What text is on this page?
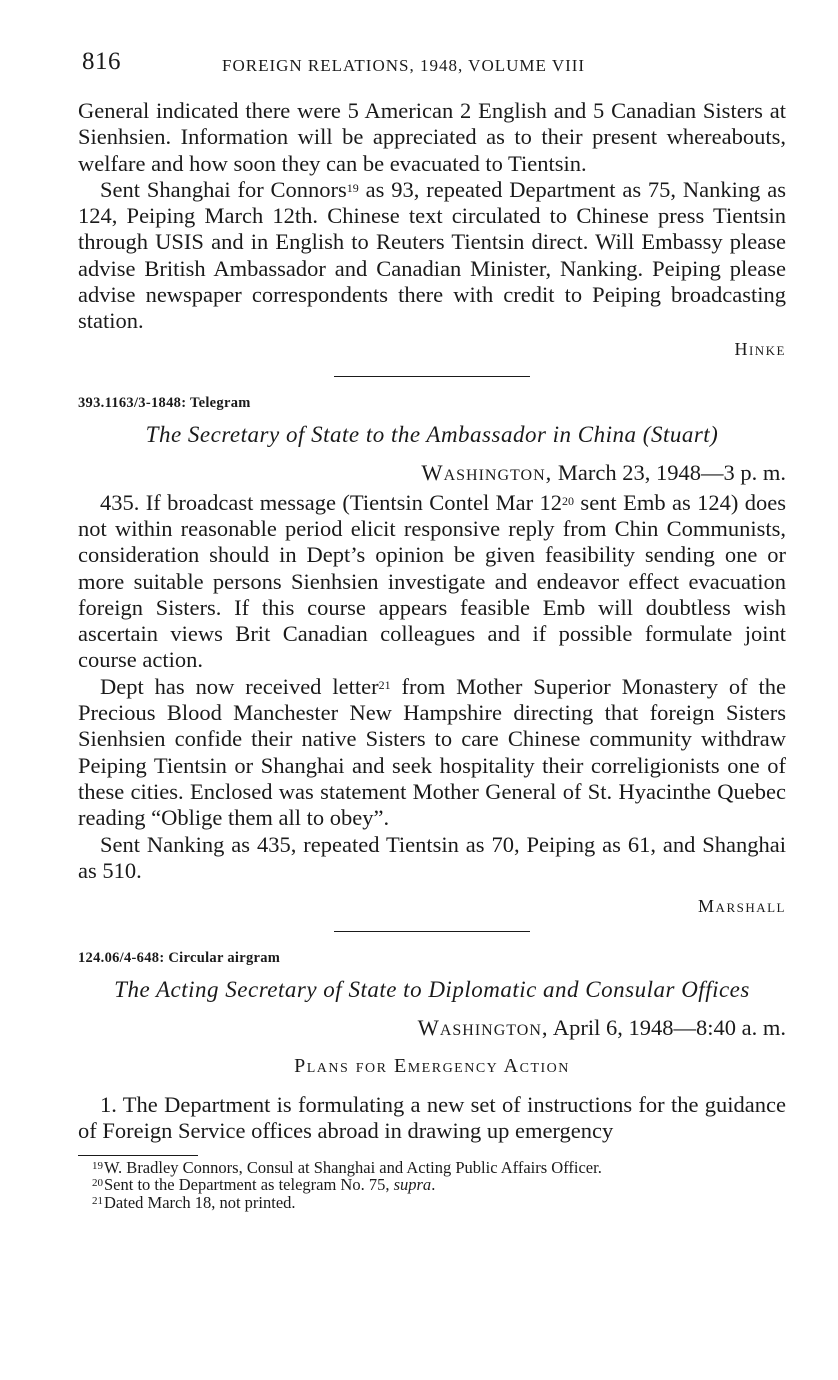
816	FOREIGN RELATIONS, 1948, VOLUME VIII

General indicated there were 5 American 2 English and 5 Canadian Sisters at Sienhsien. Information will be appreciated as to their present whereabouts, welfare and how soon they can be evacuated to Tientsin.

Sent Shanghai for Connors$^{19}$ as 93, repeated Department as 75, Nanking as 124, Peiping March 12th. Chinese text circulated to Chinese press Tientsin through USIS and in English to Reuters Tientsin direct. Will Embassy please advise British Ambassador and Canadian Minister, Nanking. Peiping please advise newspaper correspondents there with credit to Peiping broadcasting station.

Hinke
393.1163/3-1848: Telegram
The Secretary of State to the Ambassador in China (Stuart)
Washington, March 23, 1948—3 p. m.

435. If broadcast message (Tientsin Contel Mar $12^{20}$ sent Emb as 124) does not within reasonable period elicit responsive reply from Chin Communists, consideration should in Dept’s opinion be given feasibility sending one or more suitable persons Sienhsien investigate and endeavor effect evacuation foreign Sisters. If this course appears feasible Emb will doubtless wish ascertain views Brit Canadian colleagues and if possible formulate joint course action.

Dept has now received letter$^{21}$ from Mother Superior Monastery of the Precious Blood Manchester New Hampshire directing that foreign Sisters Sienhsien confide their native Sisters to care Chinese community withdraw Peiping Tientsin or Shanghai and seek hospitality their correligionists one of these cities. Enclosed was statement Mother General of St. Hyacinthe Quebec reading “Oblige them all to obey”.

Sent Nanking as 435, repeated Tientsin as 70, Peiping as 61, and Shanghai as 510.

Marshall
124.06/4-648: Circular airgram
The Acting Secretary of State to Diplomatic and Consular Offices
Washington, April 6, 1948—8:40 a. m.
Plans for Emergency Action

1. The Department is formulating a new set of instructions for the guidance of Foreign Service offices abroad in drawing up emergency

$^{19}$W. Bradley Connors, Consul at Shanghai and Acting Public Affairs Officer.
$^{20}$Sent to the Department as telegram No. 75, supra.
$^{21}$Dated March 18, not printed.
